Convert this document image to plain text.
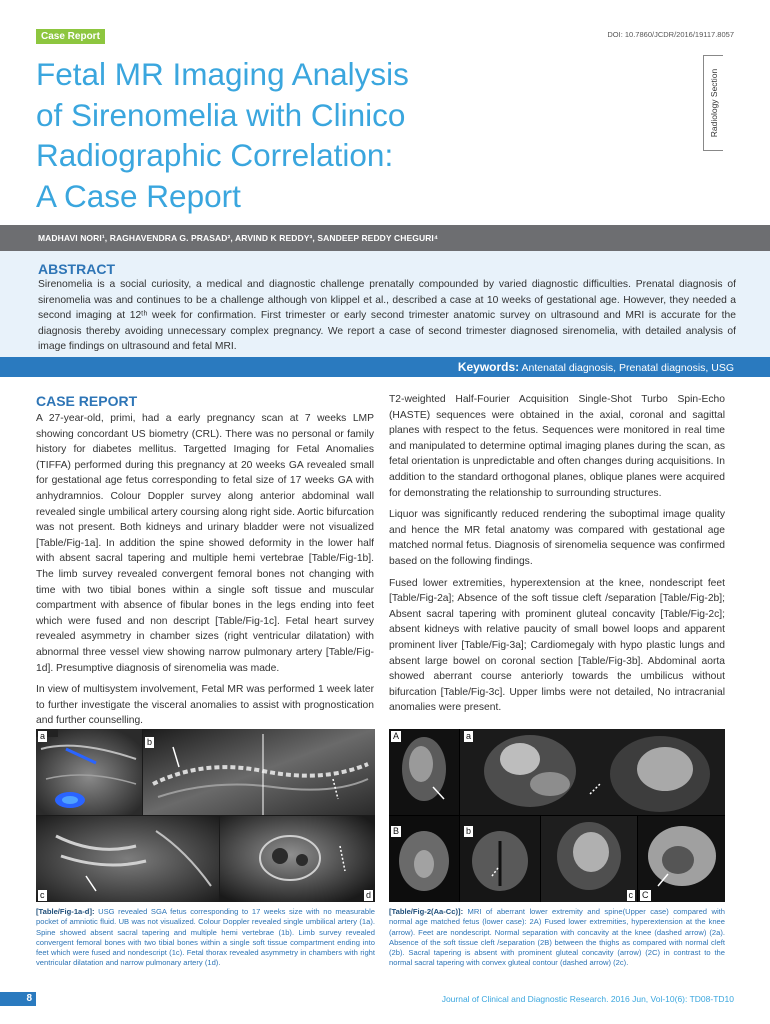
Case Report	DOI: 10.7860/JCDR/2016/19117.8057
Fetal MR Imaging Analysis
of Sirenomelia with Clinico
Radiographic Correlation:
A Case Report
Radiology Section
MADHAVI NORI¹, RAGHAVENDRA G. PRASAD², ARVIND K REDDY³, SANDEEP REDDY CHEGURI⁴
ABSTRACT
Sirenomelia is a social curiosity, a medical and diagnostic challenge prenatally compounded by varied diagnostic difficulties. Prenatal diagnosis of sirenomelia was and continues to be a challenge although von klippel et al., described a case at 10 weeks of gestational age. However, they needed a second imaging at 12ᵗʰ week for confirmation. First trimester or early second trimester anatomic survey on ultrasound and MRI is accurate for the diagnosis thereby avoiding unnecessary complex pregnancy. We report a case of second trimester diagnosed sirenomelia, with detailed analysis of image findings on ultrasound and fetal MRI.
Keywords: Antenatal diagnosis, Prenatal diagnosis, USG
CASE REPORT

A 27-year-old, primi, had a early pregnancy scan at 7 weeks LMP showing concordant US biometry (CRL). There was no personal or family history for diabetes mellitus. Targetted Imaging for Fetal Anomalies (TIFFA) performed during this pregnancy at 20 weeks GA revealed small for gestational age fetus corresponding to fetal size of 17 weeks GA with anhydramnios. Colour Doppler survey along anterior abdominal wall revealed single umbilical artery coursing along right side. Aortic bifurcation was not present. Both kidneys and urinary bladder were not visualized [Table/Fig-1a]. In addition the spine showed deformity in the lower half with absent sacral tapering and multiple hemi vertebrae [Table/Fig-1b]. The limb survey revealed convergent femoral bones not changing with time with two tibial bones within a single soft tissue and muscular compartment with absence of fibular bones in the legs ending into feet which were fused and non descript [Table/Fig-1c]. Fetal heart survey revealed asymmetry in chamber sizes (right ventricular dilatation) with abnormal three vessel view showing narrow pulmonary artery [Table/Fig-1d]. Presumptive diagnosis of sirenomelia was made.

In view of multisystem involvement, Fetal MR was performed 1 week later to further investigate the visceral anomalies to assist with prognostication and further counselling.

T2-weighted Half-Fourier Acquisition Single-Shot Turbo Spin-Echo (HASTE) sequences were obtained in the axial, coronal and sagittal planes with respect to the fetus. Sequences were monitored in real time and manipulated to determine optimal imaging planes during the scan, as fetal orientation is unpredictable and often changes during acquisitions. In addition to the standard orthogonal planes, oblique planes were acquired for demonstrating the relationship to surrounding structures.

Liquor was significantly reduced rendering the suboptimal image quality and hence the MR fetal anatomy was compared with gestational age matched normal fetus. Diagnosis of sirenomelia sequence was confirmed based on the following findings.

Fused lower extremities, hyperextension at the knee, nondescript feet [Table/Fig-2a]; Absence of the soft tissue cleft /separation [Table/Fig-2b]; Absent sacral tapering with prominent gluteal concavity [Table/Fig-2c]; absent kidneys with relative paucity of small bowel loops and apparent prominent liver [Table/Fig-3a]; Cardiomegaly with hypo plastic lungs and absent large bowel on coronal section [Table/Fig-3b]. Abdominal aorta showed aberrant course anteriorly towards the umbilicus without bifurcation [Table/Fig-3c]. Upper limbs were not detailed, No intracranial anomalies were present.

a
b
c	d
[Table/Fig-1a-d]: USG revealed SGA fetus corresponding to 17 weeks size with no measurable pocket of amniotic fluid. UB was not visualized. Colour Doppler revealed single umbilical artery (1a). Spine showed absent sacral tapering and multiple hemi vertebrae (1b). Limb survey revealed convergent femoral bones with two tibial bones within a single soft tissue compartment ending into feet which were fused and nondescript (1c). Fetal thorax revealed asymmetry in chambers with right ventricular dilatation and narrow pulmonary artery (1d).
A	a
B	b
c C
[Table/Fig-2(Aa-Cc)]: MRI of aberrant lower extremity and spine(Upper case) compared with normal age matched fetus (lower case): 2A) Fused lower extremities, hyperextension at the knee (arrow). Feet are nondescript. Normal separation with concavity at the knee (dashed arrow) (2a). Absence of the soft tissue cleft /separation (2B) between the thighs as compared with normal cleft (2b). Sacral tapering is absent with prominent gluteal concavity (arrow) (2C) in contrast to the normal sacral tapering with convex gluteal contour (dashed arrow) (2c).
8	Journal of Clinical and Diagnostic Research. 2016 Jun, Vol-10(6): TD08-TD10
